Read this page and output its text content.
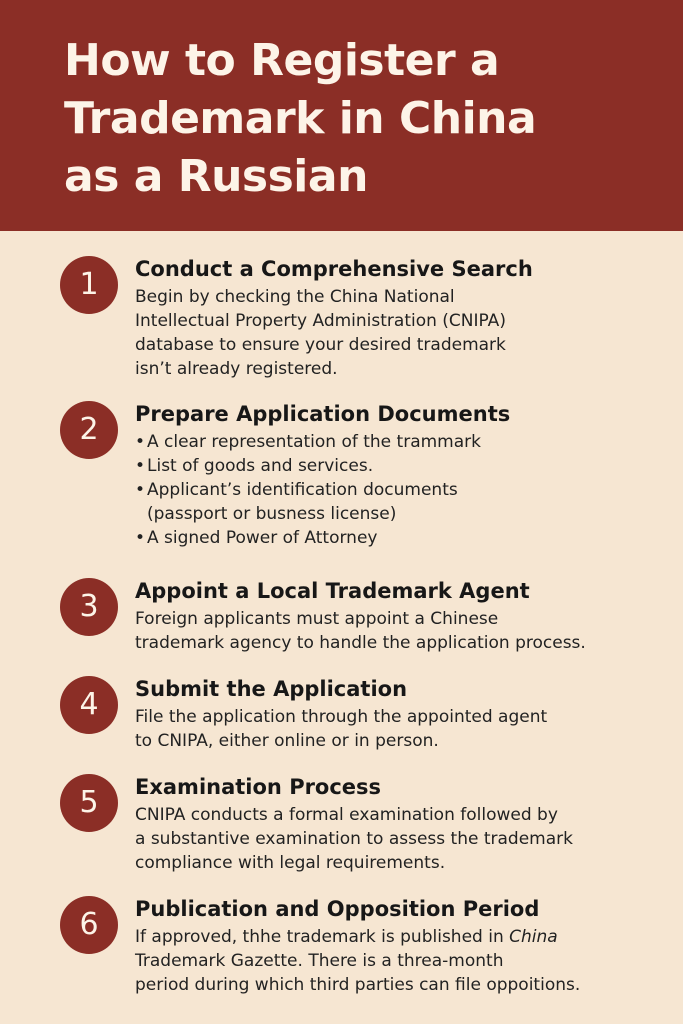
How to Register a
Trademark in China
as a Russian
1	Conduct a Comprehensive Search
Begin by checking the China National
Intellectual Property Administration (CNIPA)
database to ensure your desired trademark
isn’t already registered.
2	Prepare Application Documents
• A clear representation of the trammark
• List of goods and services.
• Applicant’s identification documents
(passport or busness license)
• A signed Power of Attorney
3	Appoint a Local Trademark Agent
Foreign applicants must appoint a Chinese
trademark agency to handle the application process.
4	Submit the Application
File the application through the appointed agent
to CNIPA, either online or in person.
5	Examination Process
CNIPA conducts a formal examination followed by
a substantive examination to assess the trademark
compliance with legal requirements.
6	Publication and Opposition Period
If approved, thhe trademark is published in China
Trademark Gazette. There is a threa-month
period during which third parties can file oppoitions.
